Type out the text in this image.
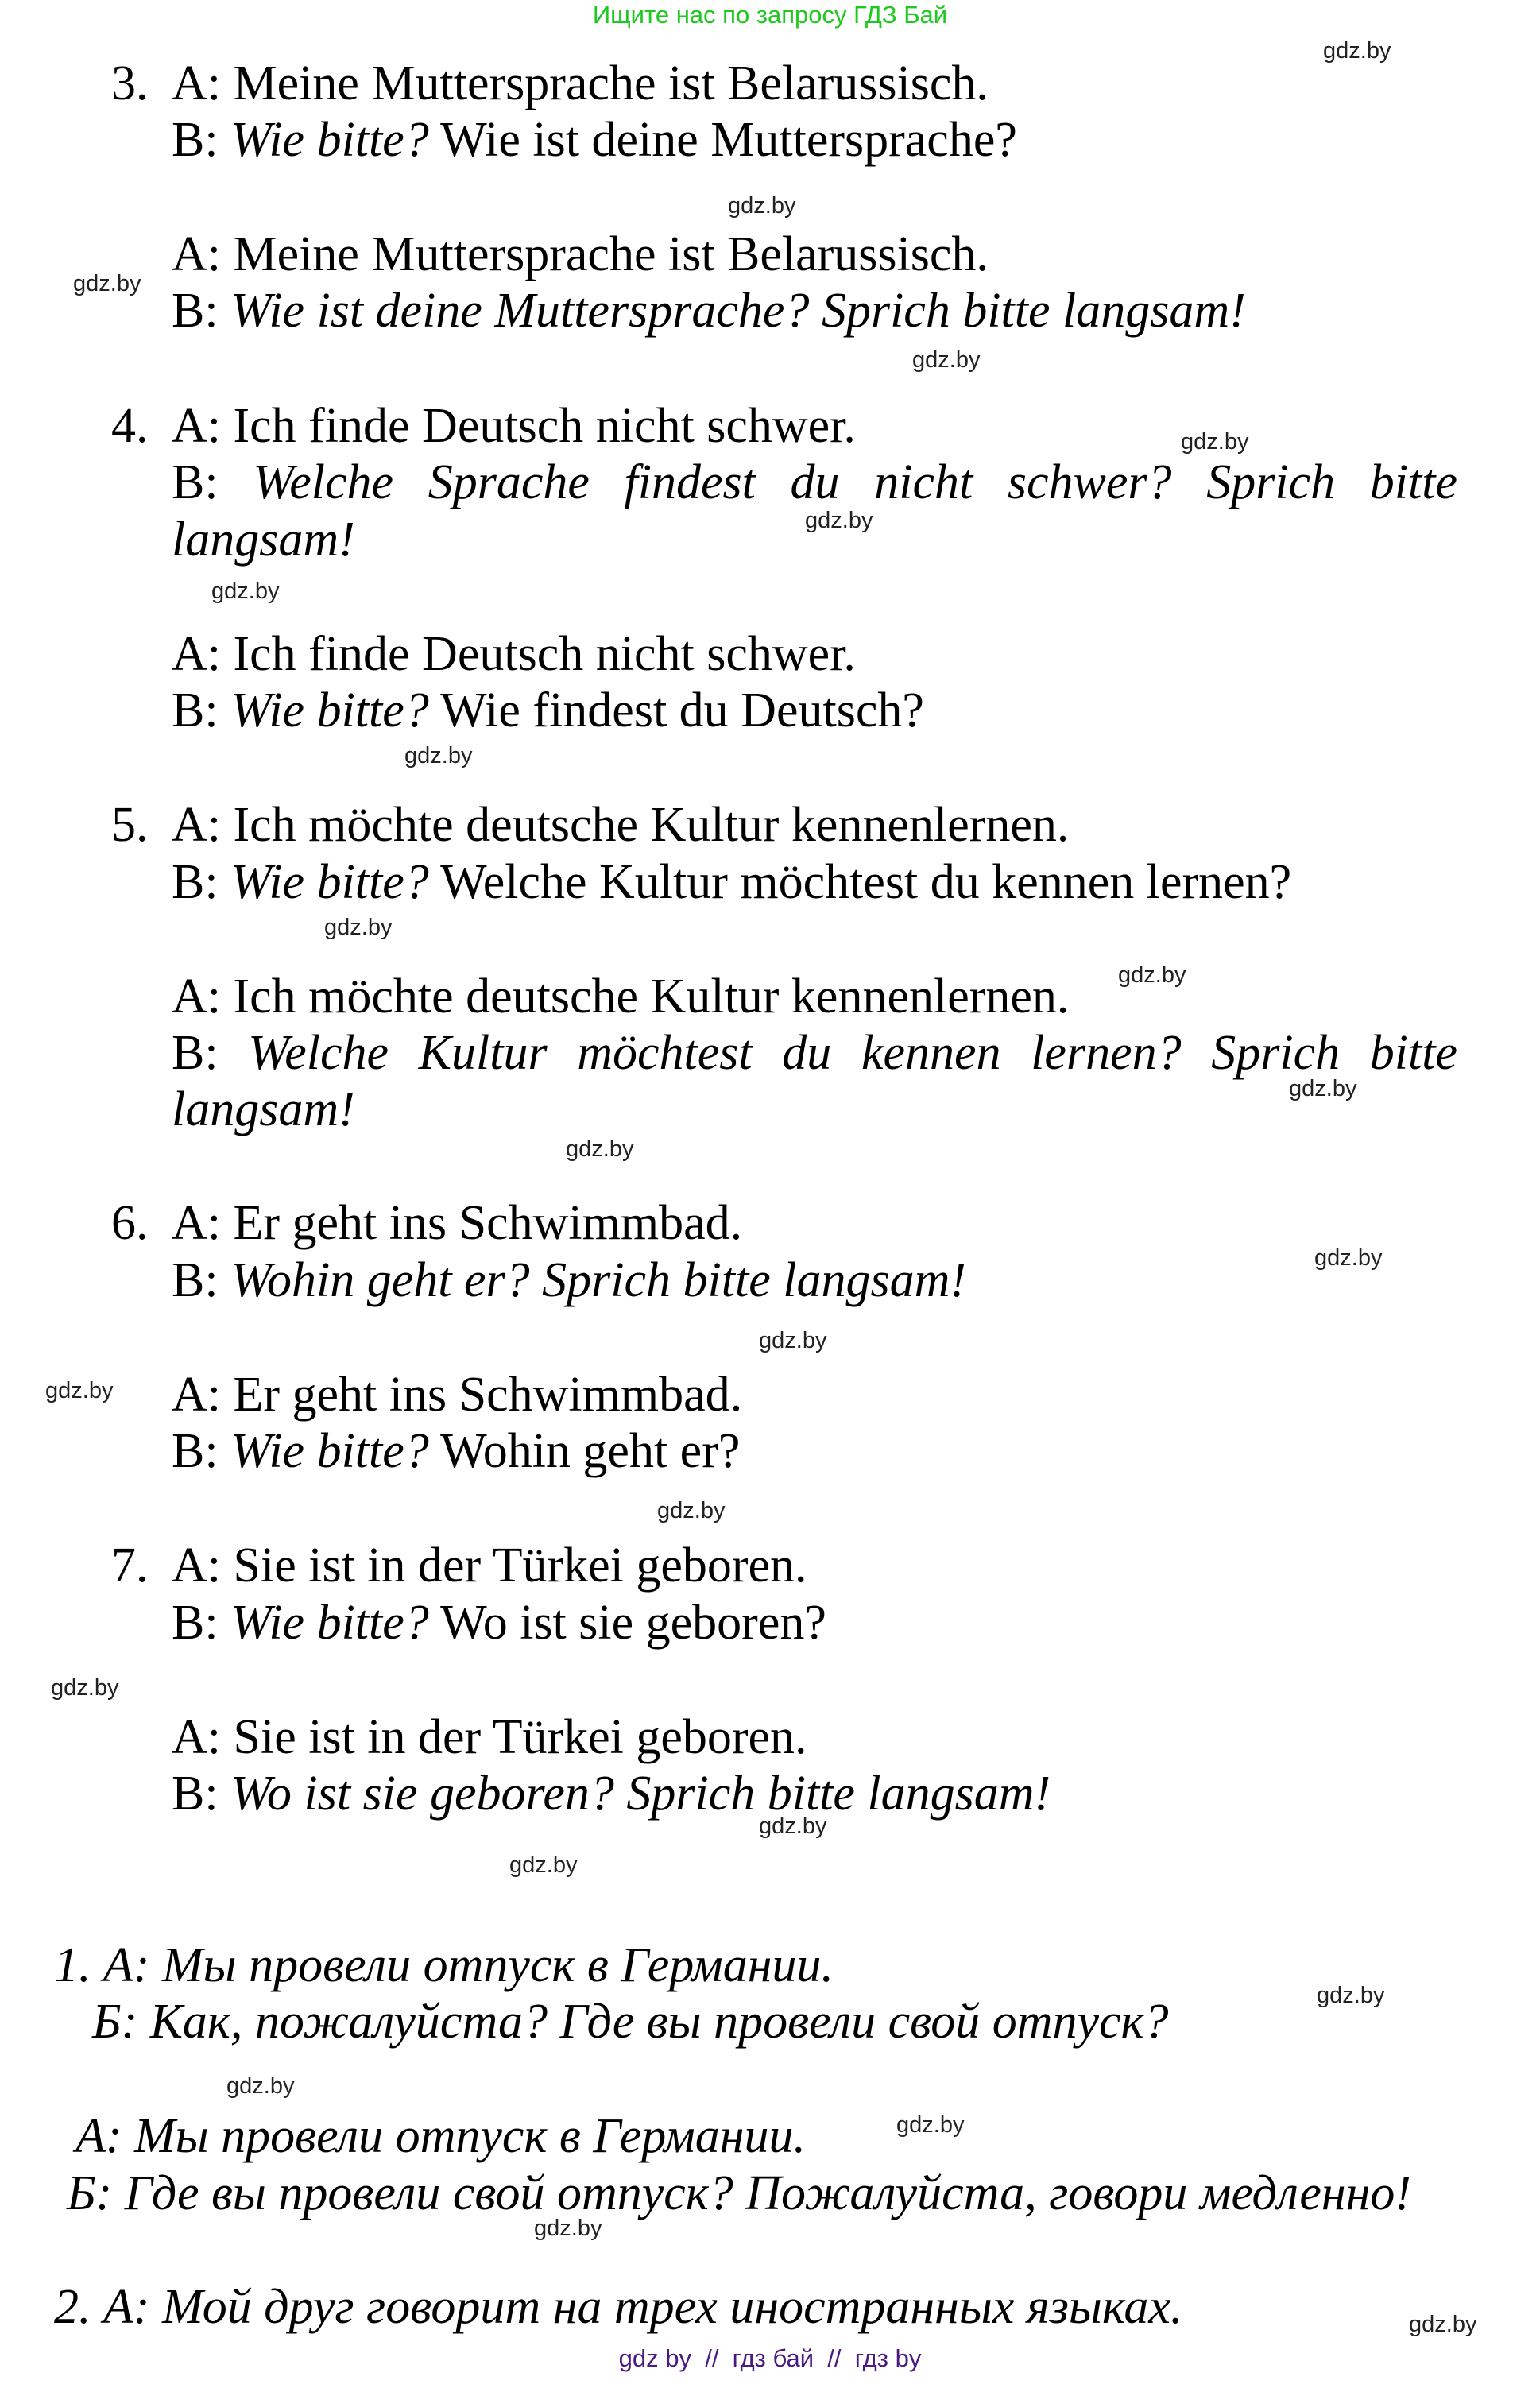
Ищите нас по запросу ГДЗ Бай
3. A: Meine Muttersprache ist Belarussisch.
B: Wie bitte? Wie ist deine Muttersprache?
A: Meine Muttersprache ist Belarussisch.
B: Wie ist deine Muttersprache? Sprich bitte langsam!
4. A: Ich finde Deutsch nicht schwer.
B: Welche Sprache findest du nicht schwer? Sprich bitte
langsam!
A: Ich finde Deutsch nicht schwer.
B: Wie bitte? Wie findest du Deutsch?
5. A: Ich möchte deutsche Kultur kennenlernen.
B: Wie bitte? Welche Kultur möchtest du kennen lernen?
A: Ich möchte deutsche Kultur kennenlernen.
B: Welche Kultur möchtest du kennen lernen? Sprich bitte
langsam!
6. A: Er geht ins Schwimmbad.
B: Wohin geht er? Sprich bitte langsam!
A: Er geht ins Schwimmbad.
B: Wie bitte? Wohin geht er?
7. A: Sie ist in der Türkei geboren.
B: Wie bitte? Wo ist sie geboren?
A: Sie ist in der Türkei geboren.
B: Wo ist sie geboren? Sprich bitte langsam!
1. А: Мы провели отпуск в Германии.
Б: Как, пожалуйста? Где вы провели свой отпуск?
А: Мы провели отпуск в Германии.
Б: Где вы провели свой отпуск? Пожалуйста, говори медленно!
2. А: Мой друг говорит на трех иностранных языках.
gdz.by
gdz.by
gdz.by
gdz.by
gdz.by
gdz.by
gdz.by
gdz.by
gdz.by
gdz.by
gdz.by
gdz.by
gdz.by
gdz.by
gdz.by
gdz.by
gdz.by
gdz.by
gdz.by
gdz.by
gdz.by
gdz.by
gdz.by
gdz.by
gdz by  //  гдз бай  //  гдз by
